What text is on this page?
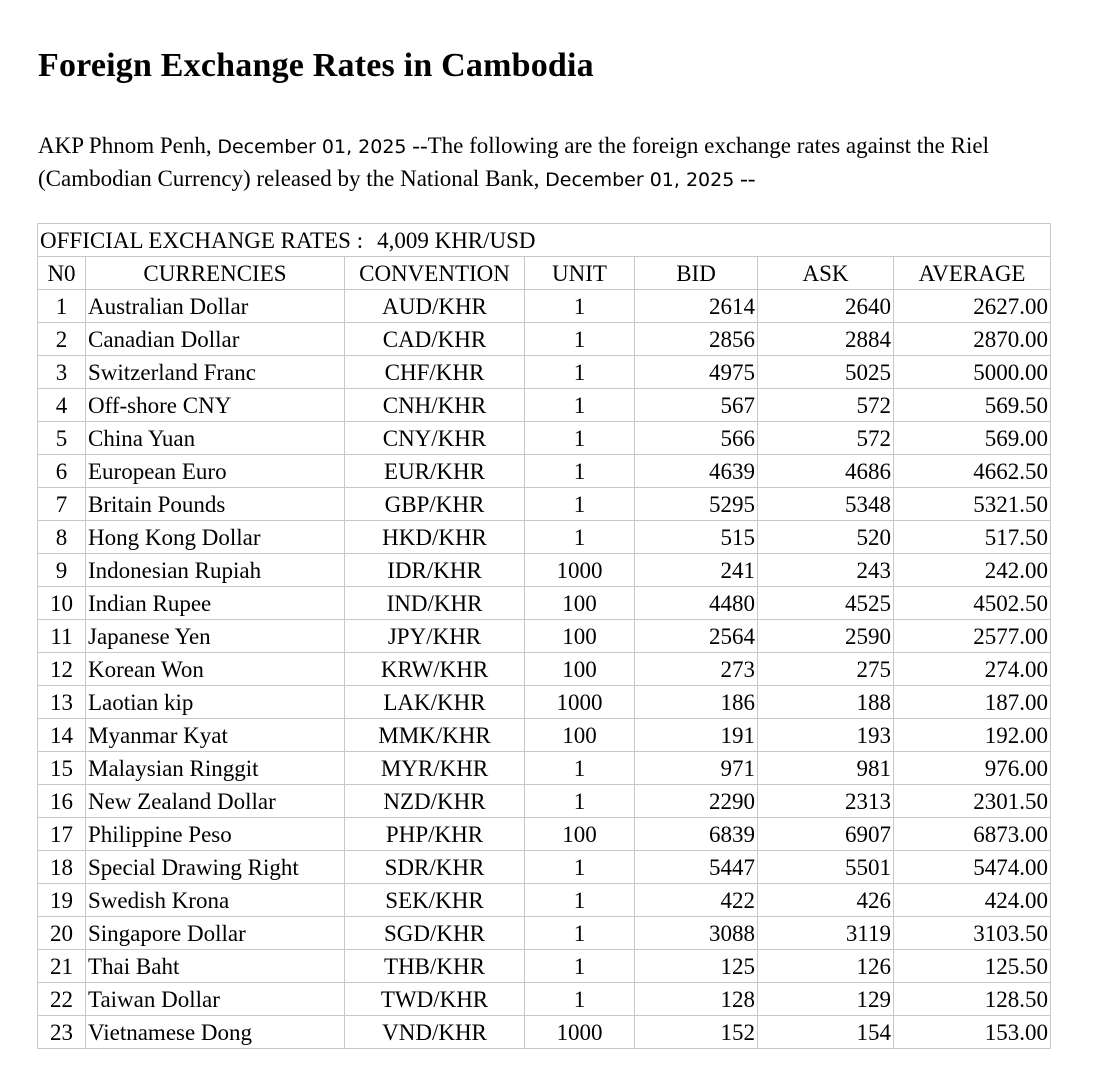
Foreign Exchange Rates in Cambodia

AKP Phnom Penh, December 01, 2025 --The following are the foreign exchange rates against the Riel (Cambodian Currency) released by the National Bank, December 01, 2025 --

OFFICIAL EXCHANGE RATES : 4,009 KHR/USD						
N0	CURRENCIES	CONVENTION	UNIT	BID	ASK	AVERAGE
1	Australian Dollar	AUD/KHR	1	2614	2640	2627.00
2	Canadian Dollar	CAD/KHR	1	2856	2884	2870.00
3	Switzerland Franc	CHF/KHR	1	4975	5025	5000.00
4	Off-shore CNY	CNH/KHR	1	567	572	569.50
5	China Yuan	CNY/KHR	1	566	572	569.00
6	European Euro	EUR/KHR	1	4639	4686	4662.50
7	Britain Pounds	GBP/KHR	1	5295	5348	5321.50
8	Hong Kong Dollar	HKD/KHR	1	515	520	517.50
9	Indonesian Rupiah	IDR/KHR	1000	241	243	242.00
10	Indian Rupee	IND/KHR	100	4480	4525	4502.50
11	Japanese Yen	JPY/KHR	100	2564	2590	2577.00
12	Korean Won	KRW/KHR	100	273	275	274.00
13	Laotian kip	LAK/KHR	1000	186	188	187.00
14	Myanmar Kyat	MMK/KHR	100	191	193	192.00
15	Malaysian Ringgit	MYR/KHR	1	971	981	976.00
16	New Zealand Dollar	NZD/KHR	1	2290	2313	2301.50
17	Philippine Peso	PHP/KHR	100	6839	6907	6873.00
18	Special Drawing Right	SDR/KHR	1	5447	5501	5474.00
19	Swedish Krona	SEK/KHR	1	422	426	424.00
20	Singapore Dollar	SGD/KHR	1	3088	3119	3103.50
21	Thai Baht	THB/KHR	1	125	126	125.50
22	Taiwan Dollar	TWD/KHR	1	128	129	128.50
23	Vietnamese Dong	VND/KHR	1000	152	154	153.00
